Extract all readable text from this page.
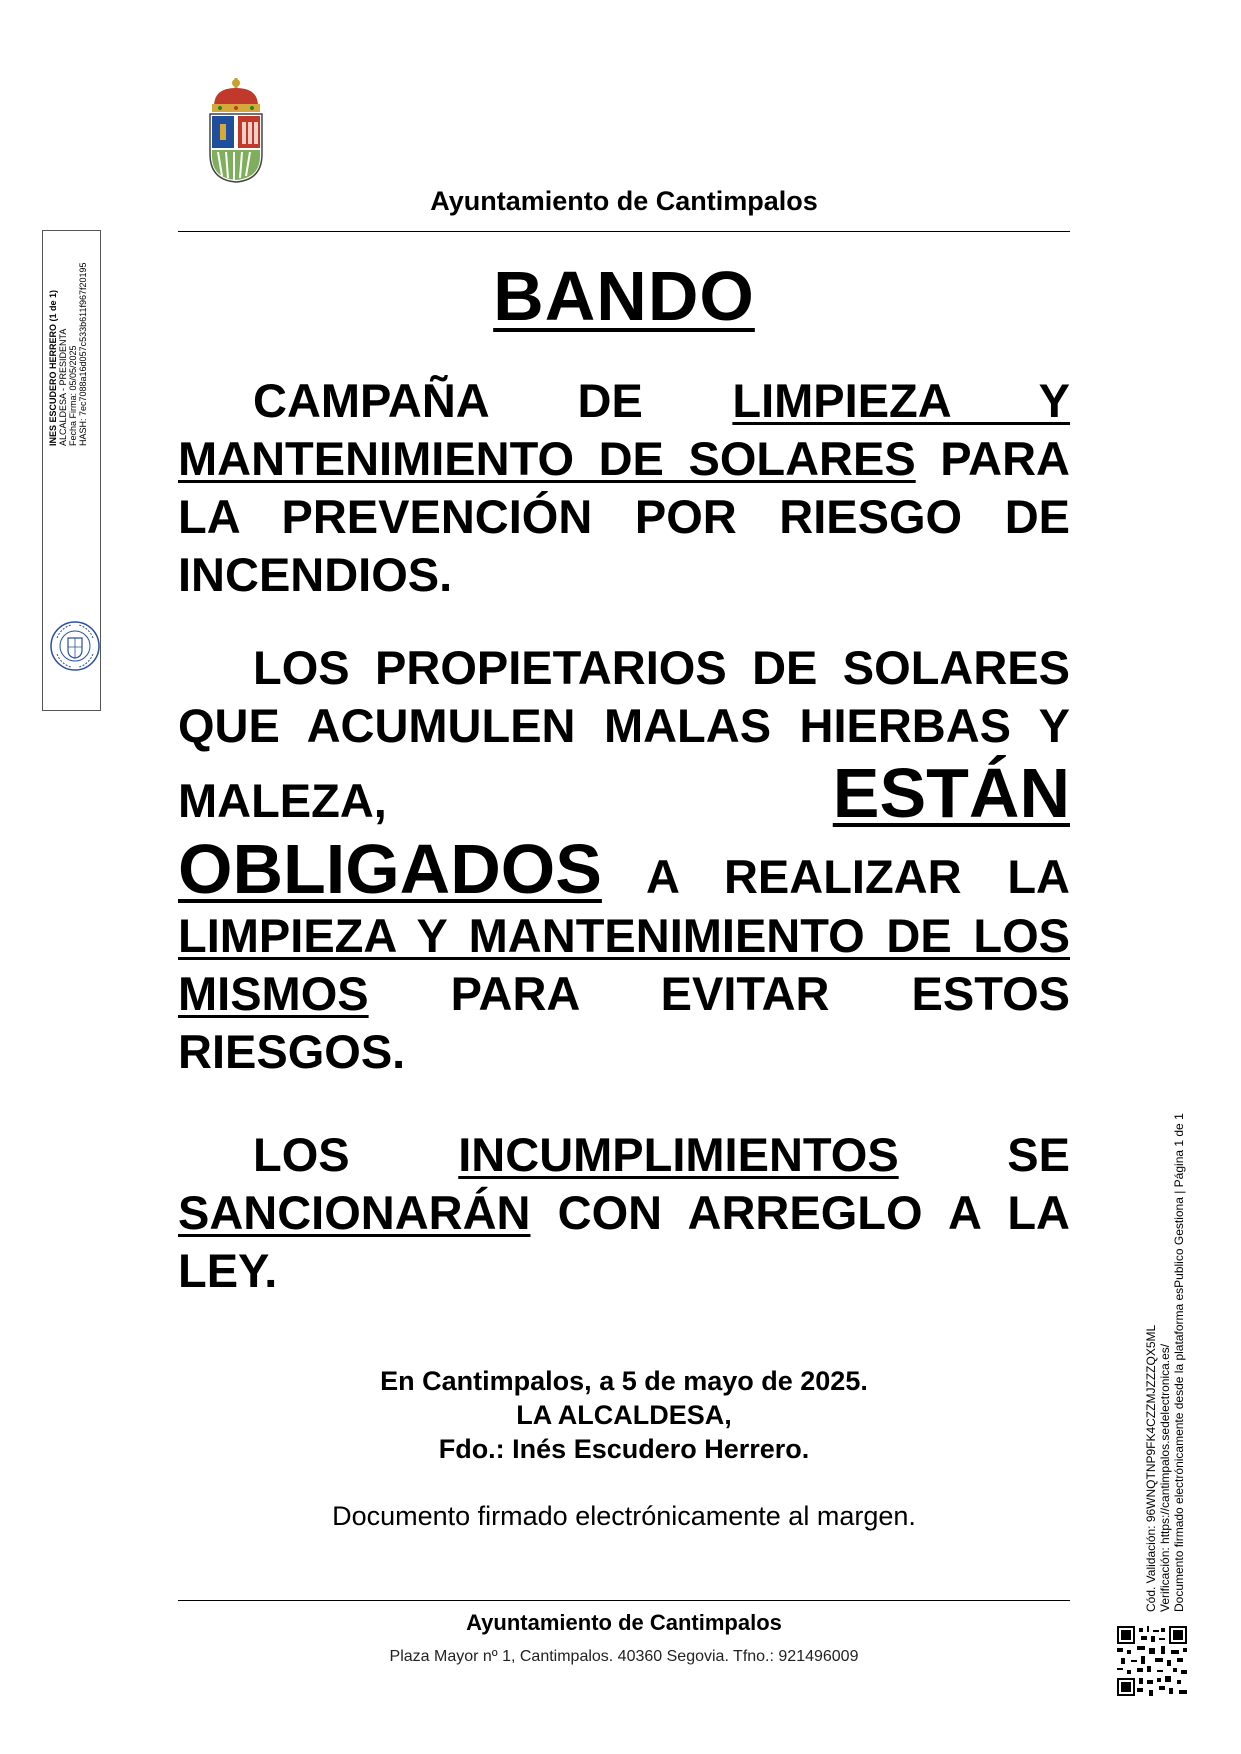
Ayuntamiento de Cantimpalos
BANDO
CAMPAÑA DE LIMPIEZA Y MANTENIMIENTO DE SOLARES PARA LA PREVENCIÓN POR RIESGO DE INCENDIOS.
LOS PROPIETARIOS DE SOLARES QUE ACUMULEN MALAS HIERBAS Y MALEZA, ESTÁN OBLIGADOS A REALIZAR LA LIMPIEZA Y MANTENIMIENTO DE LOS MISMOS PARA EVITAR ESTOS RIESGOS.
LOS INCUMPLIMIENTOS SE SANCIONARÁN CON ARREGLO A LA LEY.
En Cantimpalos, a 5 de mayo de 2025.
LA ALCALDESA,
Fdo.: Inés Escudero Herrero.
Documento firmado electrónicamente al margen.
Ayuntamiento de Cantimpalos
Plaza Mayor nº 1, Cantimpalos. 40360 Segovia. Tfno.: 921496009
INES ESCUDERO HERRERO (1 de 1) ALCALDESA - PRESIDENTA Fecha Firma: 05/05/2025 HASH: 7ec7088a16d057c533b611f967f20195
Cód. Validación: 96WNQTNP9FK4CZZMJZZZQX5ML Verificación: https://cantimpalos.sedelectronica.es/ Documento firmado electrónicamente desde la plataforma esPublico Gestiona | Página 1 de 1
